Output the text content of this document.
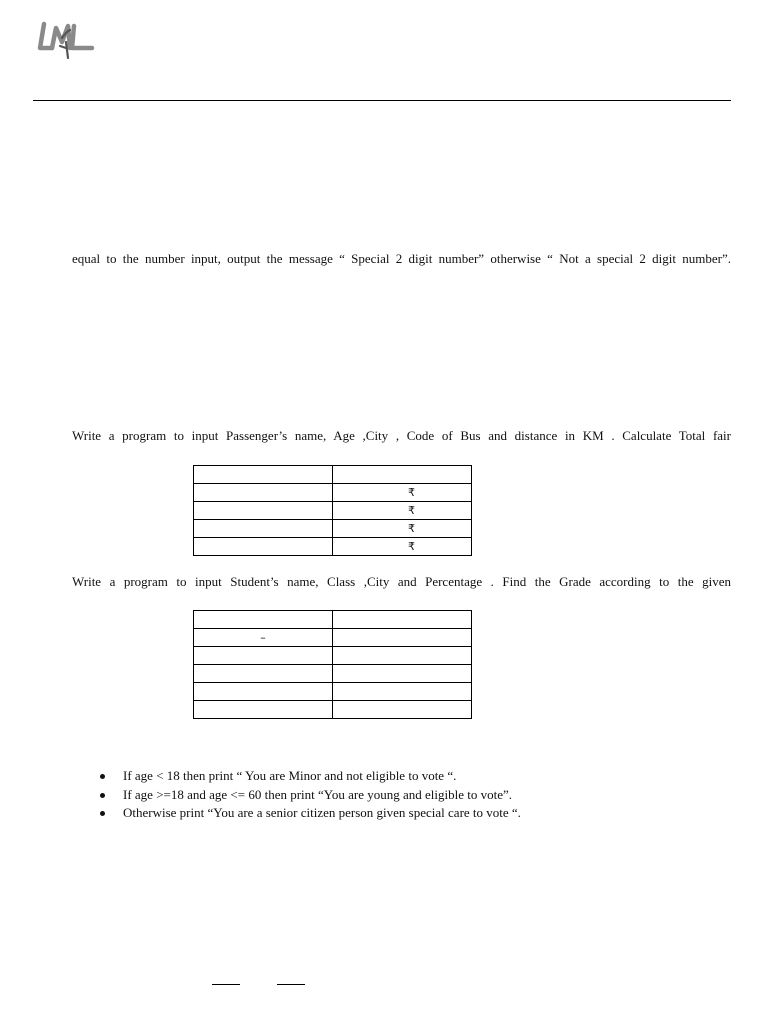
equal to the number input, output the message “ Special 2 digit number” otherwise “ Not a special 2 digit number”.

Write a program to input Passenger’s name, Age ,City , Code of Bus and distance in KM . Calculate Total fair

	₹
	₹
	₹
	₹

Write a program to input Student’s name, Class ,City and Percentage . Find the Grade according to the given

–	

If age < 18 then print “ You are Minor and not eligible to vote “.
If age >=18 and age <= 60 then print “You are young and eligible to vote”.
Otherwise print “You are a senior citizen person given special care to vote “.
